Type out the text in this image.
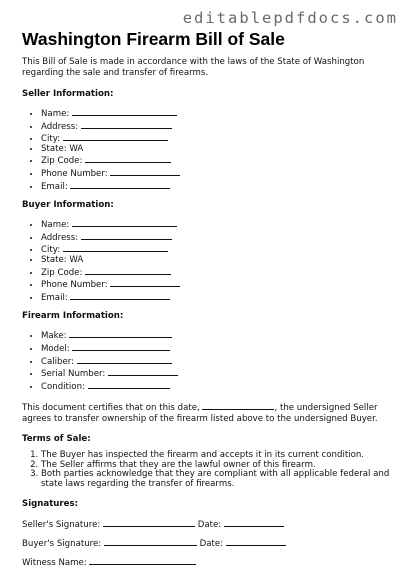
editablepdfdocs.com
Washington Firearm Bill of Sale

This Bill of Sale is made in accordance with the laws of the State of Washington regarding the sale and transfer of firearms.

Seller Information:
• Name:
• Address:
• City:
• State: WA
• Zip Code:
• Phone Number:
• Email:
Buyer Information:
• Name:
• Address:
• City:
• State: WA
• Zip Code:
• Phone Number:
• Email:
Firearm Information:
• Make:
• Model:
• Caliber:
• Serial Number:
• Condition:

This document certifies that on this date,	, the undersigned Seller
agrees to transfer ownership of the firearm listed above to the undersigned Buyer.

Terms of Sale:
1. The Buyer has inspected the firearm and accepts it in its current condition.
2. The Seller affirms that they are the lawful owner of this firearm.
3. Both parties acknowledge that they are compliant with all applicable federal and state laws regarding the transfer of firearms.
Signatures:
Seller's Signature:	Date:
Buyer's Signature:	Date:
Witness Name:
